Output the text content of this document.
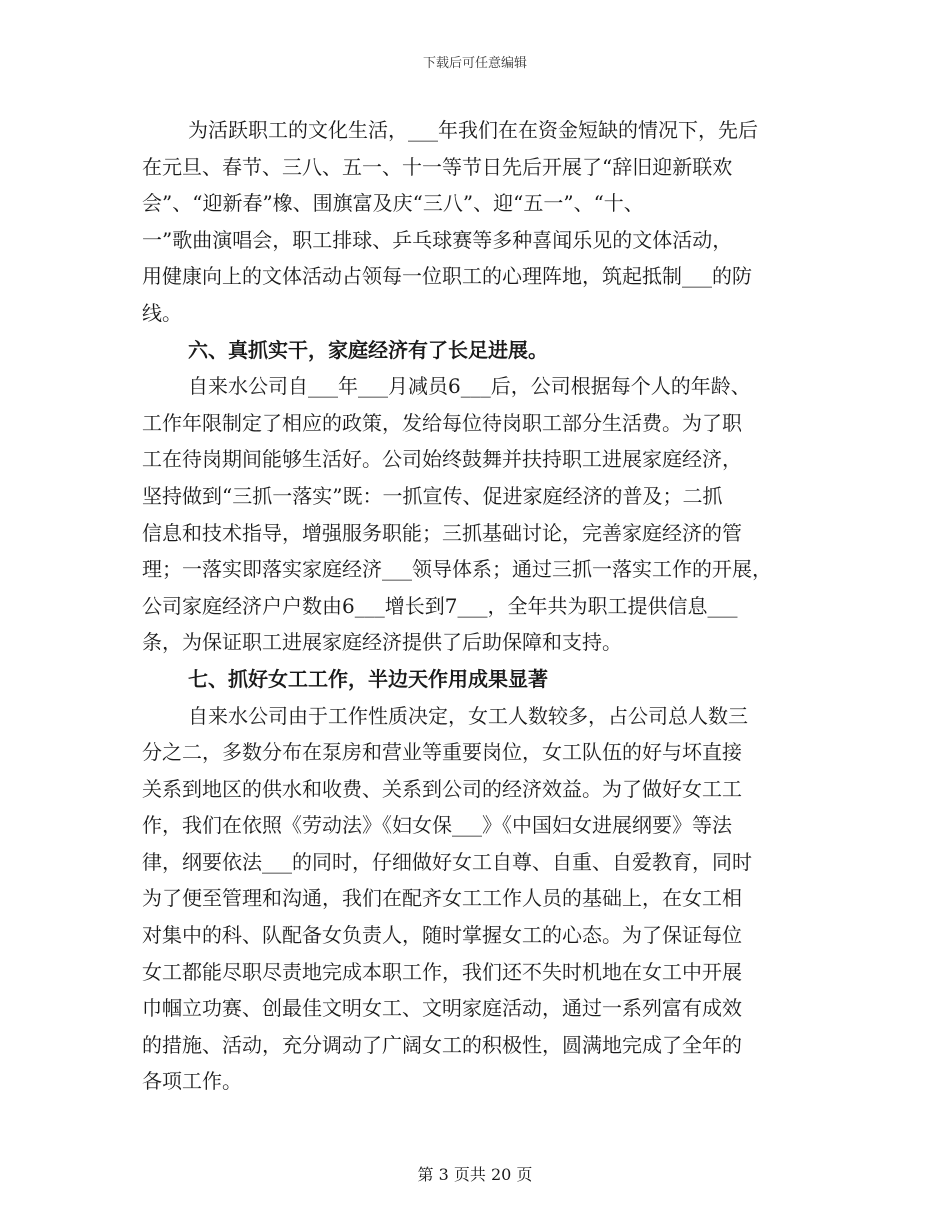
下载后可任意编辑
为活跃职工的文化生活，___年我们在在资金短缺的情况下，先后
在元旦、春节、三八、五一、十一等节日先后开展了“辞旧迎新联欢
会”、“迎新春”橡、围旗富及庆“三八”、迎“五一”、“十、
一”歌曲演唱会，职工排球、乒乓球赛等多种喜闻乐见的文体活动，
用健康向上的文体活动占领每一位职工的心理阵地，筑起抵制___的防
线。
六、真抓实干，家庭经济有了长足进展。
自来水公司自___年___月减员6___后，公司根据每个人的年龄、
工作年限制定了相应的政策，发给每位待岗职工部分生活费。为了职
工在待岗期间能够生活好。公司始终鼓舞并扶持职工进展家庭经济，
坚持做到“三抓一落实”既：一抓宣传、促进家庭经济的普及；二抓
信息和技术指导，增强服务职能；三抓基础讨论，完善家庭经济的管
理；一落实即落实家庭经济___领导体系；通过三抓一落实工作的开展，
公司家庭经济户户数由6___增长到7___，全年共为职工提供信息___
条，为保证职工进展家庭经济提供了后助保障和支持。
七、抓好女工工作，半边天作用成果显著
自来水公司由于工作性质决定，女工人数较多，占公司总人数三
分之二，多数分布在泵房和营业等重要岗位，女工队伍的好与坏直接
关系到地区的供水和收费、关系到公司的经济效益。为了做好女工工
作，我们在依照《劳动法》《妇女保___》《中国妇女进展纲要》等法
律，纲要依法___的同时，仔细做好女工自尊、自重、自爱教育，同时
为了便至管理和沟通，我们在配齐女工工作人员的基础上，在女工相
对集中的科、队配备女负责人，随时掌握女工的心态。为了保证每位
女工都能尽职尽责地完成本职工作，我们还不失时机地在女工中开展
巾帼立功赛、创最佳文明女工、文明家庭活动，通过一系列富有成效
的措施、活动，充分调动了广阔女工的积极性，圆满地完成了全年的
各项工作。
第 3 页共 20 页
